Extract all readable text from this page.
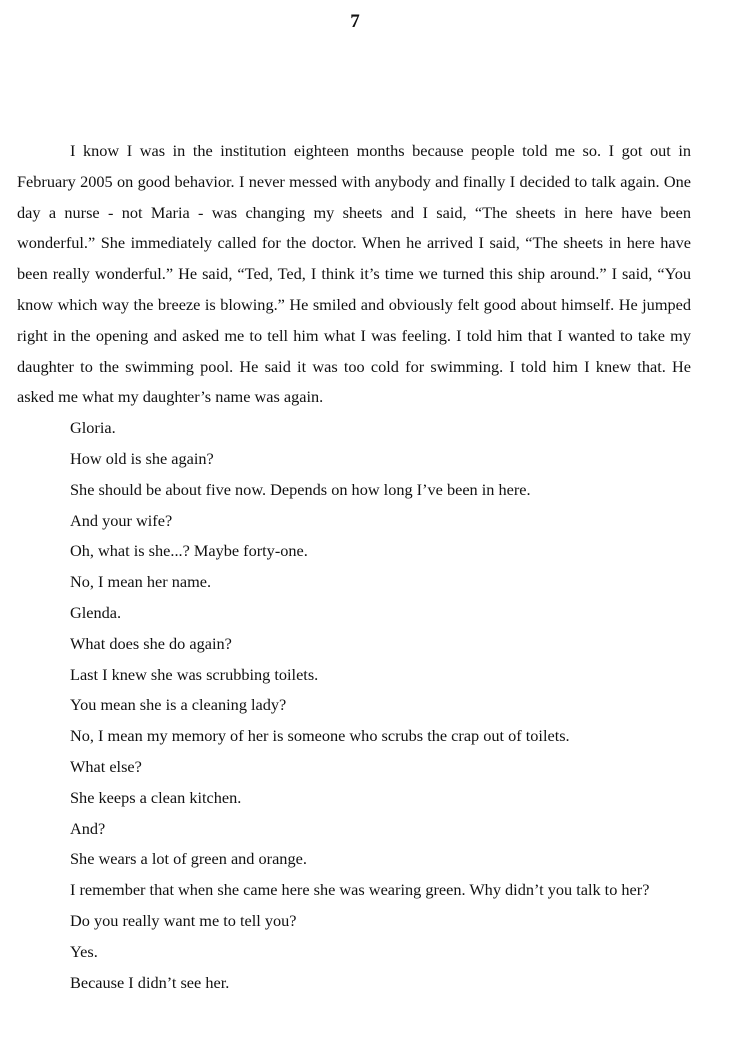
7

I know I was in the institution eighteen months because people told me so. I got out in February 2005 on good behavior. I never messed with anybody and finally I decided to talk again. One day a nurse - not Maria - was changing my sheets and I said, “The sheets in here have been wonderful.” She immediately called for the doctor. When he arrived I said, “The sheets in here have been really wonderful.” He said, “Ted, Ted, I think it’s time we turned this ship around.” I said, “You know which way the breeze is blowing.” He smiled and obviously felt good about himself. He jumped right in the opening and asked me to tell him what I was feeling. I told him that I wanted to take my daughter to the swimming pool. He said it was too cold for swimming. I told him I knew that. He asked me what my daughter’s name was again.

Gloria.

How old is she again?

She should be about five now. Depends on how long I’ve been in here.

And your wife?

Oh, what is she...? Maybe forty-one.

No, I mean her name.

Glenda.

What does she do again?

Last I knew she was scrubbing toilets.

You mean she is a cleaning lady?

No, I mean my memory of her is someone who scrubs the crap out of toilets.

What else?

She keeps a clean kitchen.

And?

She wears a lot of green and orange.

I remember that when she came here she was wearing green. Why didn’t you talk to her?

Do you really want me to tell you?

Yes.

Because I didn’t see her.
